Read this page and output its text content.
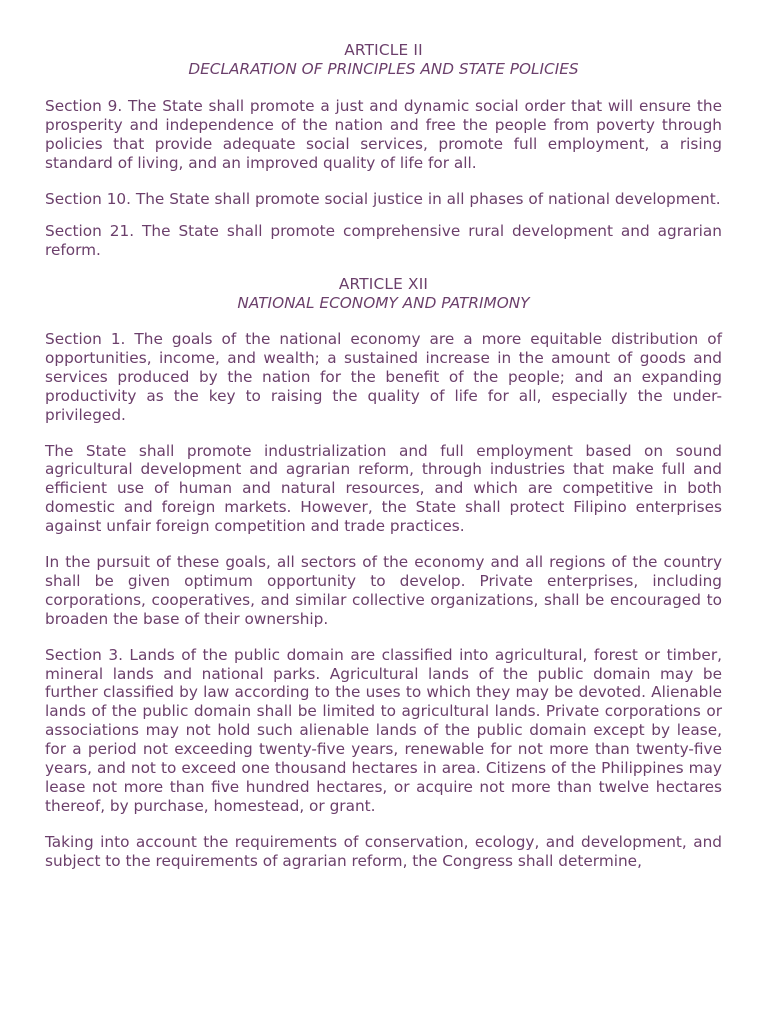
ARTICLE II
DECLARATION OF PRINCIPLES AND STATE POLICIES

Section 9. The State shall promote a just and dynamic social order that will ensure the prosperity and independence of the nation and free the people from poverty through policies that provide adequate social services, promote full employment, a rising standard of living, and an improved quality of life for all.

Section 10. The State shall promote social justice in all phases of national development.

Section 21. The State shall promote comprehensive rural development and agrarian reform.

ARTICLE XII
NATIONAL ECONOMY AND PATRIMONY

Section 1. The goals of the national economy are a more equitable distribution of opportunities, income, and wealth; a sustained increase in the amount of goods and services produced by the nation for the benefit of the people; and an expanding productivity as the key to raising the quality of life for all, especially the under-privileged.

The State shall promote industrialization and full employment based on sound agricultural development and agrarian reform, through industries that make full and efficient use of human and natural resources, and which are competitive in both domestic and foreign markets. However, the State shall protect Filipino enterprises against unfair foreign competition and trade practices.

In the pursuit of these goals, all sectors of the economy and all regions of the country shall be given optimum opportunity to develop. Private enterprises, including corporations, cooperatives, and similar collective organizations, shall be encouraged to broaden the base of their ownership.

Section 3. Lands of the public domain are classified into agricultural, forest or timber, mineral lands and national parks. Agricultural lands of the public domain may be further classified by law according to the uses to which they may be devoted. Alienable lands of the public domain shall be limited to agricultural lands. Private corporations or associations may not hold such alienable lands of the public domain except by lease, for a period not exceeding twenty-five years, renewable for not more than twenty-five years, and not to exceed one thousand hectares in area. Citizens of the Philippines may lease not more than five hundred hectares, or acquire not more than twelve hectares thereof, by purchase, homestead, or grant.

Taking into account the requirements of conservation, ecology, and development, and subject to the requirements of agrarian reform, the Congress shall determine,
